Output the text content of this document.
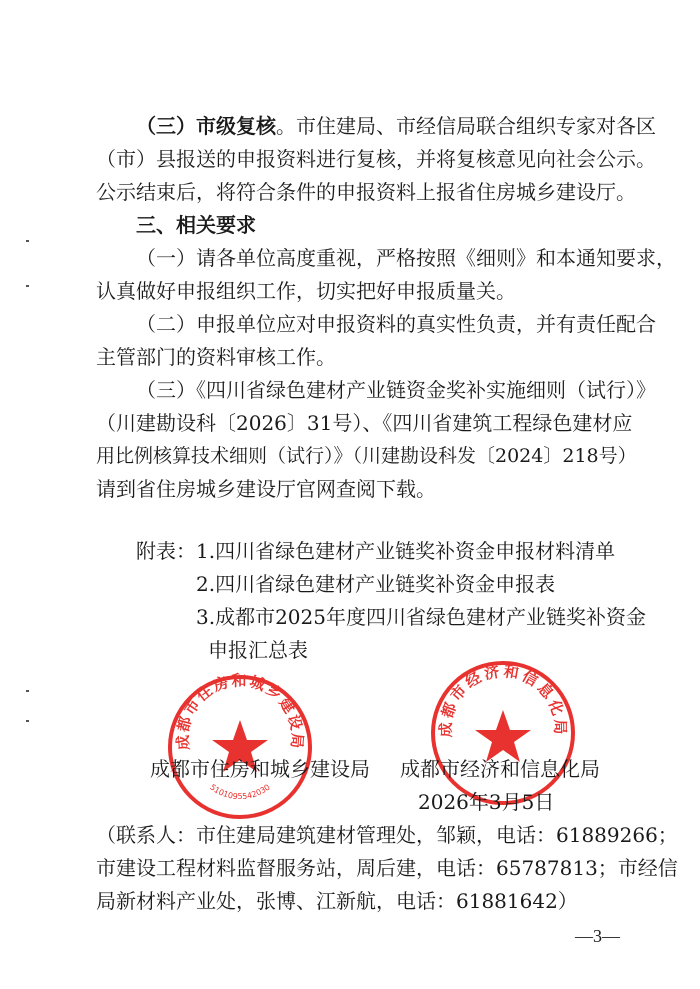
（三）市级复核。市住建局、市经信局联合组织专家对各区
（市）县报送的申报资料进行复核，并将复核意见向社会公示。
公示结束后，将符合条件的申报资料上报省住房城乡建设厅。
三、相关要求
（一）请各单位高度重视，严格按照《细则》和本通知要求，
认真做好申报组织工作，切实把好申报质量关。
（二）申报单位应对申报资料的真实性负责，并有责任配合
主管部门的资料审核工作。
（三）《四川省绿色建材产业链资金奖补实施细则（试行）》
（川建勘设科〔2026〕31号）、《四川省建筑工程绿色建材应
用比例核算技术细则（试行）》（川建勘设科发〔2024〕218号）
请到省住房城乡建设厅官网查阅下载。
附表： 1.四川省绿色建材产业链奖补资金申报材料清单
2.四川省绿色建材产业链奖补资金申报表
3.成都市2025年度四川省绿色建材产业链奖补资金
申报汇总表
成都市住房和城乡建设局
5101095542030
成都市经济和信息化局
成都市住房和城乡建设局 成都市经济和信息化局
2026年3月5日
（联系人：市住建局建筑建材管理处，邹颖，电话：61889266；
市建设工程材料监督服务站，周后建，电话：65787813；市经信
局新材料产业处，张博、江新航，电话：61881642）
—3—
